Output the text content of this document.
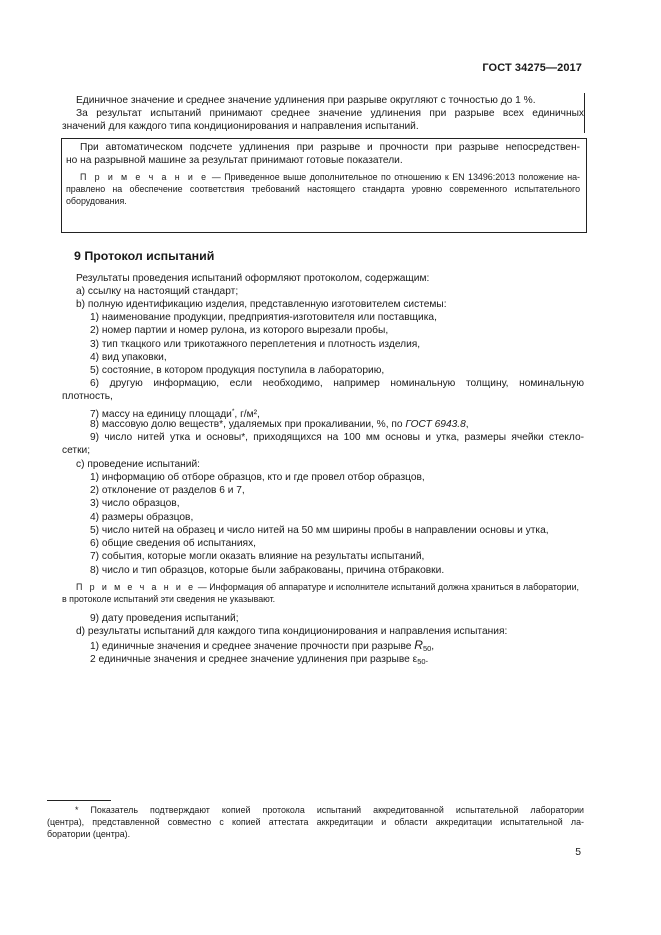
ГОСТ 34275—2017
Единичное значение и среднее значение удлинения при разрыве округляют с точностью до 1 %.
За результат испытаний принимают среднее значение удлинения при разрыве всех единичных
значений для каждого типа кондиционирования и направления испытаний.
При автоматическом подсчете удлинения при разрыве и прочности при разрыве непосредствен-
но на разрывной машине за результат принимают готовые показатели.
П р и м е ч а н и е — Приведенное выше дополнительное по отношению к EN 13496:2013 положение на-
правлено на обеспечение соответствия требований настоящего стандарта уровню современного испытательного
оборудования.
9 Протокол испытаний
Результаты проведения испытаний оформляют протоколом, содержащим:
a) ссылку на настоящий стандарт;
b) полную идентификацию изделия, представленную изготовителем системы:
1) наименование продукции, предприятия-изготовителя или поставщика,
2) номер партии и номер рулона, из которого вырезали пробы,
3) тип ткацкого или трикотажного переплетения и плотность изделия,
4) вид упаковки,
5) состояние, в котором продукция поступила в лабораторию,
6) другую информацию, если необходимо, например номинальную толщину, номинальную
плотность,
7) массу на единицу площади*, г/м²,
8) массовую долю веществ*, удаляемых при прокаливании, %, по ГОСТ 6943.8,
9) число нитей утка и основы*, приходящихся на 100 мм основы и утка, размеры ячейки стекло-
сетки;
c) проведение испытаний:
1) информацию об отборе образцов, кто и где провел отбор образцов,
2) отклонение от разделов 6 и 7,
3) число образцов,
4) размеры образцов,
5) число нитей на образец и число нитей на 50 мм ширины пробы в направлении основы и утка,
6) общие сведения об испытаниях,
7) события, которые могли оказать влияние на результаты испытаний,
8) число и тип образцов, которые были забракованы, причина отбраковки.
П р и м е ч а н и е — Информация об аппаратуре и исполнителе испытаний должна храниться в лаборатории,
в протоколе испытаний эти сведения не указывают.
9) дату проведения испытаний;
d) результаты испытаний для каждого типа кондиционирования и направления испытания:
1) единичные значения и среднее значение прочности при разрыве $R_{50}$,
2 единичные значения и среднее значение удлинения при разрыве $\varepsilon_{50}$.
* Показатель подтверждают копией протокола испытаний аккредитованной испытательной лаборатории
(центра), представленной совместно с копией аттестата аккредитации и области аккредитации испытательной ла-
боратории (центра).
5
